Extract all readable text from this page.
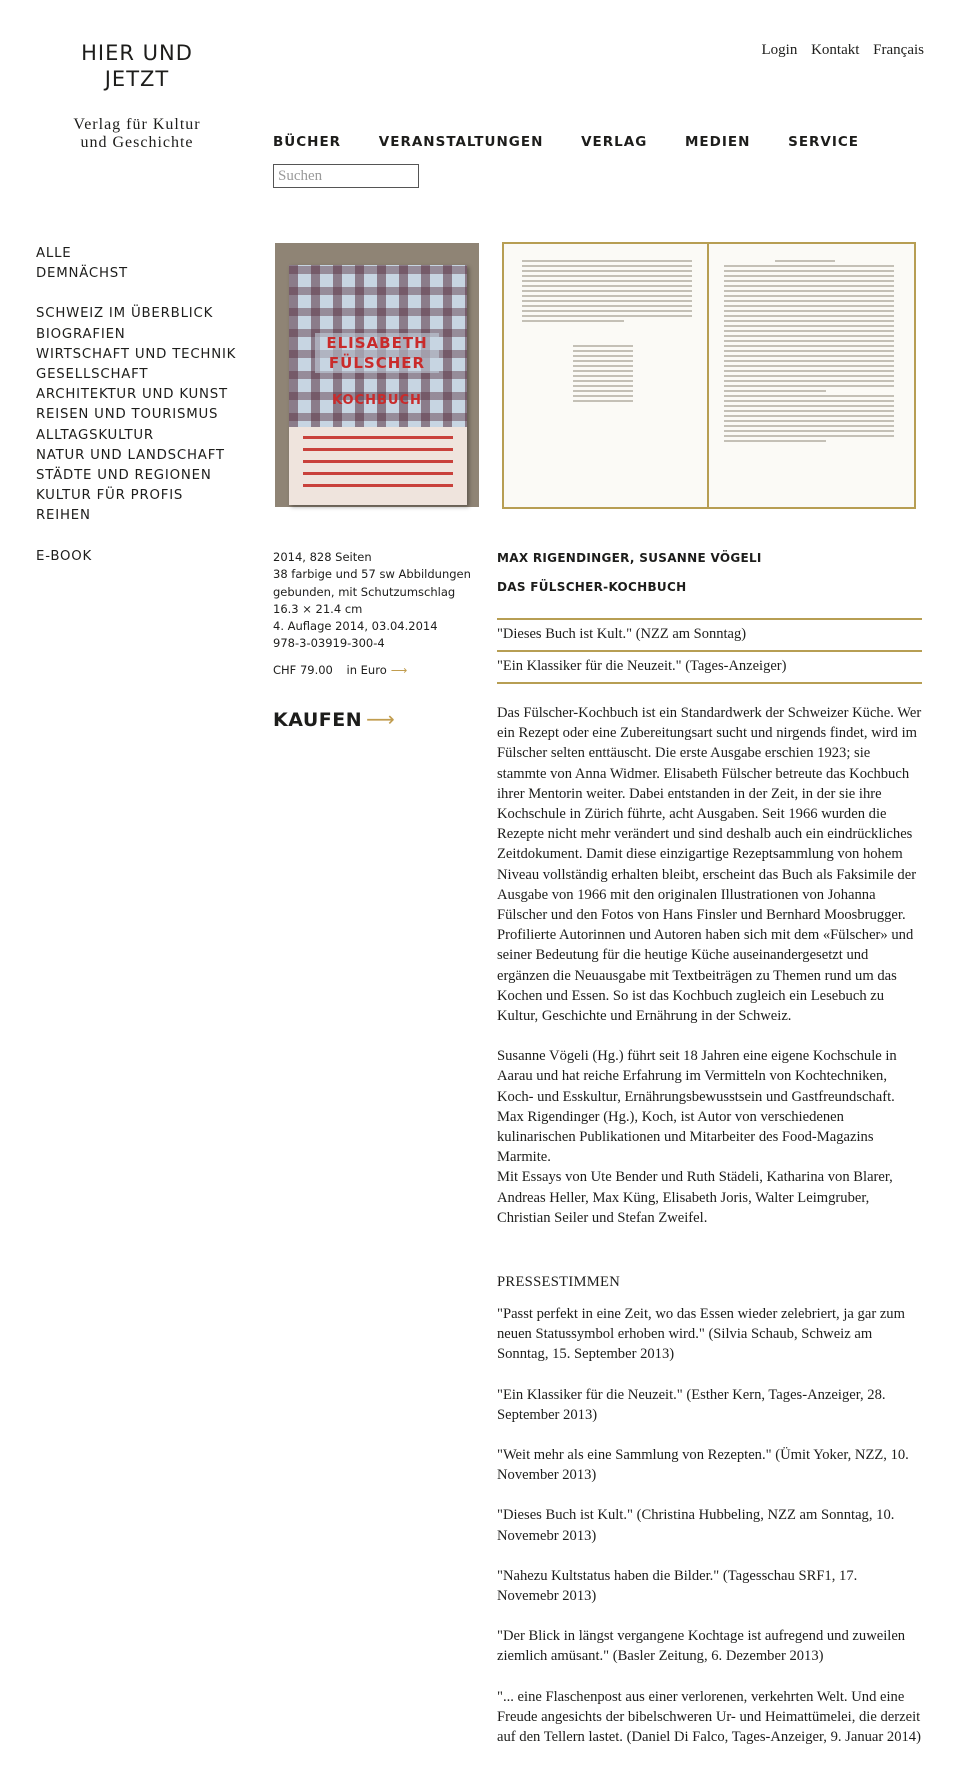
HIER UND
JETZT
Verlag für Kultur
und Geschichte
Login Kontakt Français
BÜCHER	VERANSTALTUNGEN	VERLAG	MEDIEN	SERVICE
Suchen
ALLE
DEMNÄCHST
SCHWEIZ IM ÜBERBLICK
BIOGRAFIEN
WIRTSCHAFT UND TECHNIK
GESELLSCHAFT
ARCHITEKTUR UND KUNST
REISEN UND TOURISMUS
ALLTAGSKULTUR
NATUR UND LANDSCHAFT
STÄDTE UND REGIONEN
KULTUR FÜR PROFIS
REIHEN
E-BOOK
ELISABETH
FÜLSCHER
KOCHBUCH
2014, 828 Seiten
38 farbige und 57 sw Abbildungen
gebunden, mit Schutzumschlag
16.3 × 21.4 cm
4. Auflage 2014, 03.04.2014
978-3-03919-300-4
CHF 79.00 in Euro ⟶
KAUFEN ⟶
MAX RIGENDINGER, SUSANNE VÖGELI
DAS FÜLSCHER-KOCHBUCH
"Dieses Buch ist Kult." (NZZ am Sonntag)
"Ein Klassiker für die Neuzeit." (Tages-Anzeiger)

Das Fülscher-Kochbuch ist ein Standardwerk der Schweizer Küche. Wer ein Rezept oder eine Zubereitungsart sucht und nirgends findet, wird im Fülscher selten enttäuscht. Die erste Ausgabe erschien 1923; sie stammte von Anna Widmer. Elisabeth Fülscher betreute das Kochbuch ihrer Mentorin weiter. Dabei entstanden in der Zeit, in der sie ihre Kochschule in Zürich führte, acht Ausgaben. Seit 1966 wurden die Rezepte nicht mehr verändert und sind deshalb auch ein eindrückliches Zeitdokument. Damit diese einzigartige Rezeptsammlung von hohem Niveau vollständig erhalten bleibt, erscheint das Buch als Faksimile der Ausgabe von 1966 mit den originalen Illustrationen von Johanna Fülscher und den Fotos von Hans Finsler und Bernhard Moosbrugger.

Profilierte Autorinnen und Autoren haben sich mit dem «Fülscher» und seiner Bedeutung für die heutige Küche auseinandergesetzt und ergänzen die Neuausgabe mit Textbeiträgen zu Themen rund um das Kochen und Essen. So ist das Kochbuch zugleich ein Lesebuch zu Kultur, Geschichte und Ernährung in der Schweiz.

Susanne Vögeli (Hg.) führt seit 18 Jahren eine eigene Kochschule in Aarau und hat reiche Erfahrung im Vermitteln von Kochtechniken, Koch- und Esskultur, Ernährungsbewusstsein und Gastfreundschaft.

Max Rigendinger (Hg.), Koch, ist Autor von verschiedenen kulinarischen Publikationen und Mitarbeiter des Food-Magazins Marmite.

Mit Essays von Ute Bender und Ruth Städeli, Katharina von Blarer, Andreas Heller, Max Küng, Elisabeth Joris, Walter Leimgruber, Christian Seiler und Stefan Zweifel.

PRESSESTIMMEN

"Passt perfekt in eine Zeit, wo das Essen wieder zelebriert, ja gar zum neuen Statussymbol erhoben wird." (Silvia Schaub, Schweiz am Sonntag, 15. September 2013)

"Ein Klassiker für die Neuzeit." (Esther Kern, Tages-Anzeiger, 28. September 2013)

"Weit mehr als eine Sammlung von Rezepten." (Ümit Yoker, NZZ, 10. November 2013)

"Dieses Buch ist Kult." (Christina Hubbeling, NZZ am Sonntag, 10. Novemebr 2013)

"Nahezu Kultstatus haben die Bilder." (Tagesschau SRF1, 17. Novemebr 2013)

"Der Blick in längst vergangene Kochtage ist aufregend und zuweilen ziemlich amüsant." (Basler Zeitung, 6. Dezember 2013)

"... eine Flaschenpost aus einer verlorenen, verkehrten Welt. Und eine Freude angesichts der bibelschweren Ur- und Heimattümelei, die derzeit auf den Tellern lastet. (Daniel Di Falco, Tages-Anzeiger, 9. Januar 2014)
